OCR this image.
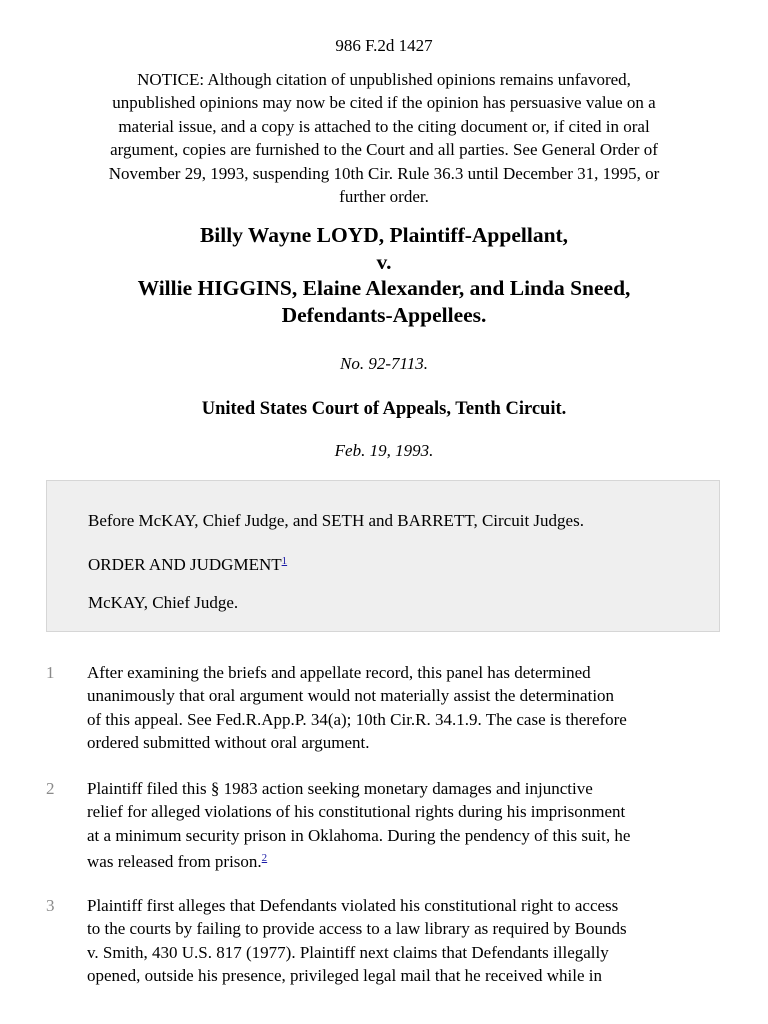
986 F.2d 1427
NOTICE: Although citation of unpublished opinions remains unfavored,
unpublished opinions may now be cited if the opinion has persuasive value on a
material issue, and a copy is attached to the citing document or, if cited in oral
argument, copies are furnished to the Court and all parties. See General Order of
November 29, 1993, suspending 10th Cir. Rule 36.3 until December 31, 1995, or
further order.
Billy Wayne LOYD, Plaintiff-Appellant,
v.
Willie HIGGINS, Elaine Alexander, and Linda Sneed,
Defendants-Appellees.
No. 92-7113.
United States Court of Appeals, Tenth Circuit.
Feb. 19, 1993.
Before McKAY, Chief Judge, and SETH and BARRETT, Circuit Judges.
ORDER AND JUDGMENT$^1$
McKAY, Chief Judge.
1	After examining the briefs and appellate record, this panel has determined
unanimously that oral argument would not materially assist the determination
of this appeal. See Fed.R.App.P. 34(a); 10th Cir.R. 34.1.9. The case is therefore
ordered submitted without oral argument.
2	Plaintiff filed this § 1983 action seeking monetary damages and injunctive
relief for alleged violations of his constitutional rights during his imprisonment
at a minimum security prison in Oklahoma. During the pendency of this suit, he
was released from prison.$^2$
3	Plaintiff first alleges that Defendants violated his constitutional right to access
to the courts by failing to provide access to a law library as required by Bounds
v. Smith, 430 U.S. 817 (1977). Plaintiff next claims that Defendants illegally
opened, outside his presence, privileged legal mail that he received while in
